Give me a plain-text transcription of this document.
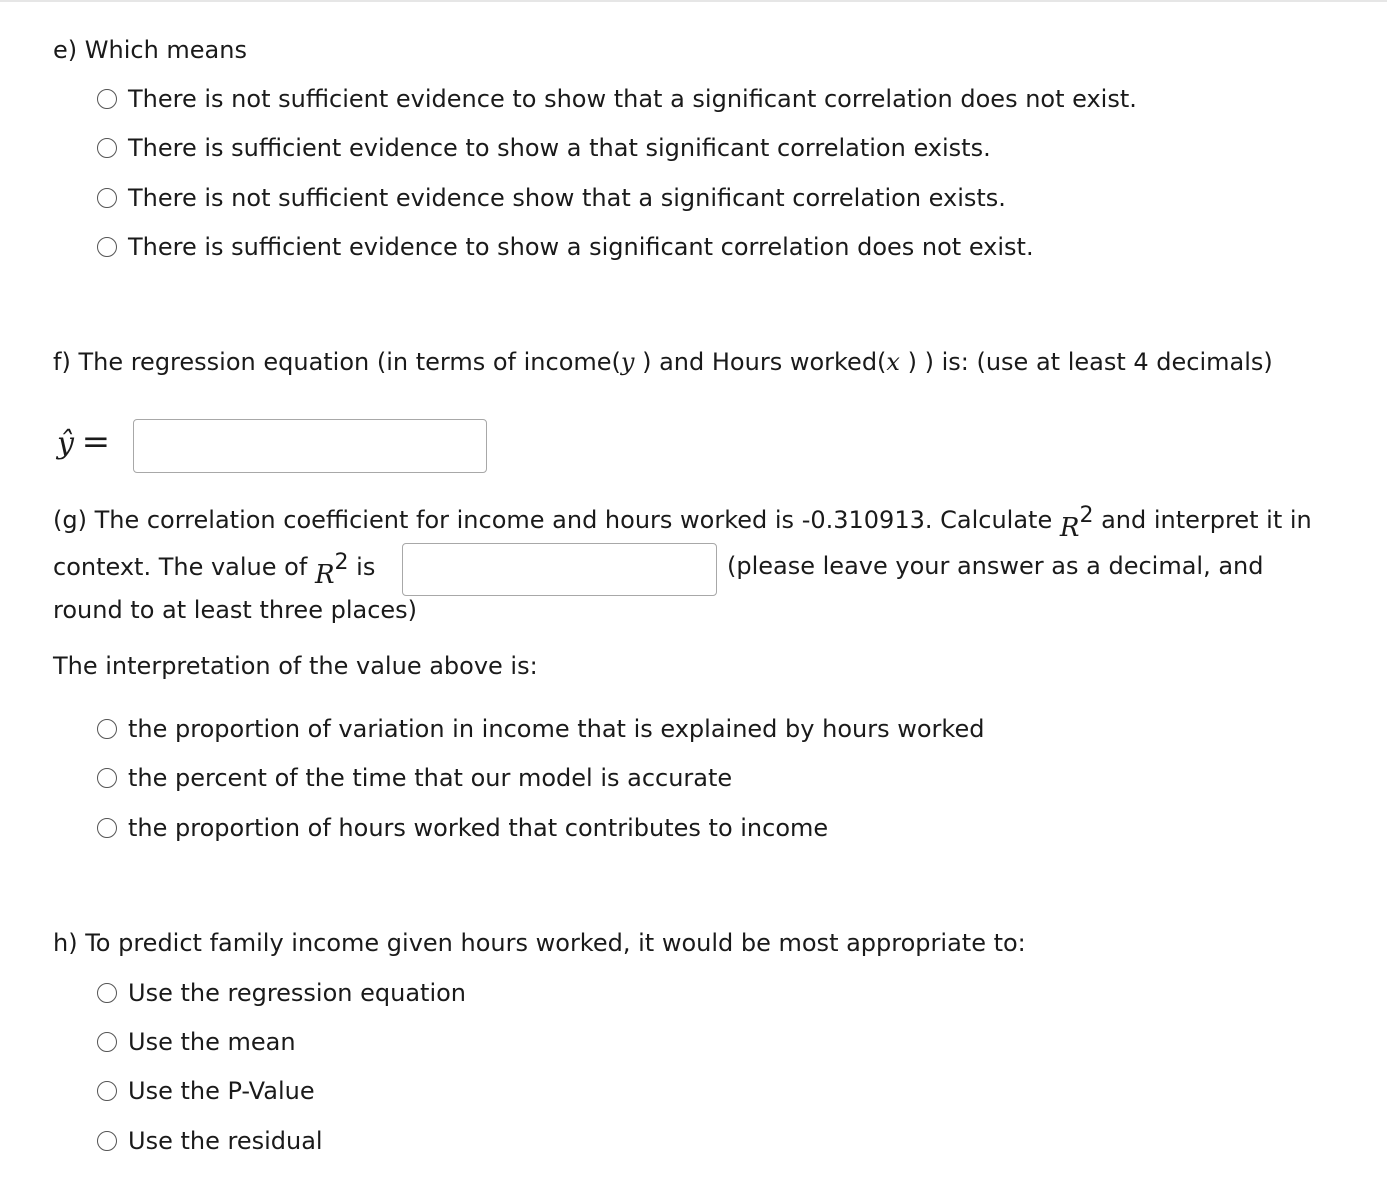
e) Which means
There is not sufficient evidence to show that a significant correlation does not exist.
There is sufficient evidence to show a that significant correlation exists.
There is not sufficient evidence show that a significant correlation exists.
There is sufficient evidence to show a significant correlation does not exist.
f) The regression equation (in terms of income(y ) and Hours worked(x ) ) is: (use at least 4 decimals)
ŷ =
(g) The correlation coefficient for income and hours worked is -0.310913. Calculate $R^2$ and interpret it in
context. The value of $R^2$ is	(please leave your answer as a decimal, and
round to at least three places)
The interpretation of the value above is:
the proportion of variation in income that is explained by hours worked
the percent of the time that our model is accurate
the proportion of hours worked that contributes to income
h) To predict family income given hours worked, it would be most appropriate to:
Use the regression equation
Use the mean
Use the P-Value
Use the residual
